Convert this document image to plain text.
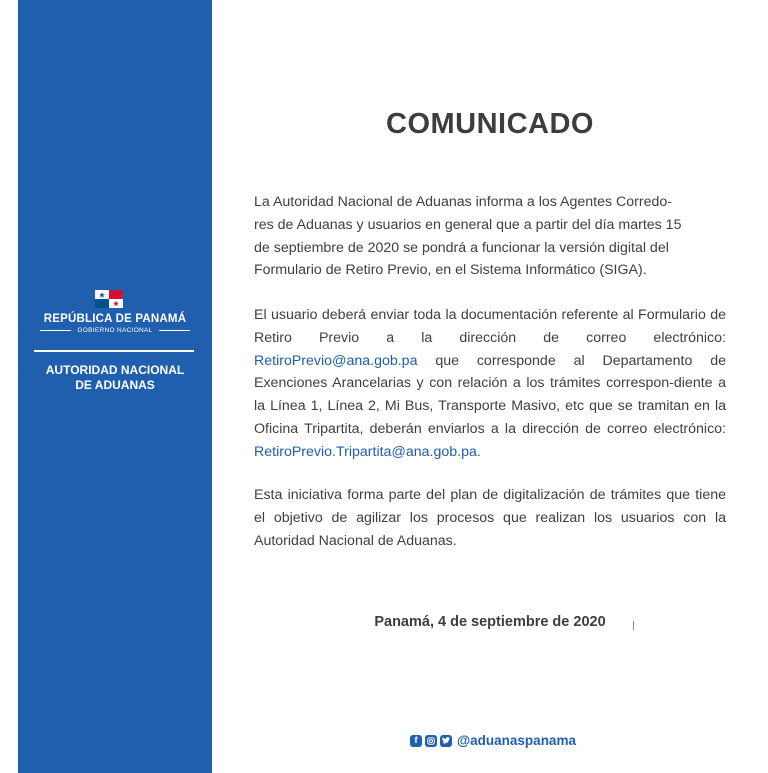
REPÚBLICA DE PANAMÁ
GOBIERNO NACIONAL
AUTORIDAD NACIONAL
DE ADUANAS
COMUNICADO
La Autoridad Nacional de Aduanas informa a los Agentes Corredo-
res de Aduanas y usuarios en general que a partir del día martes 15
de septiembre de 2020 se pondrá a funcionar la versión digital del
Formulario de Retiro Previo, en el Sistema Informático (SIGA).

El usuario deberá enviar toda la documentación referente al Formulario de Retiro Previo a la dirección de correo electrónico: RetiroPrevio@ana.gob.pa que corresponde al Departamento de Exenciones Arancelarias y con relación a los trámites correspon-diente a la Línea 1, Línea 2, Mi Bus, Transporte Masivo, etc que se tramitan en la Oficina Tripartita, deberán enviarlos a la dirección de correo electrónico: RetiroPrevio.Tripartita@ana.gob.pa.

Esta iniciativa forma parte del plan de digitalización de trámites que tiene el objetivo de agilizar los procesos que realizan los usuarios con la Autoridad Nacional de Aduanas.

Panamá, 4 de septiembre de 2020
f	@aduanaspanama
